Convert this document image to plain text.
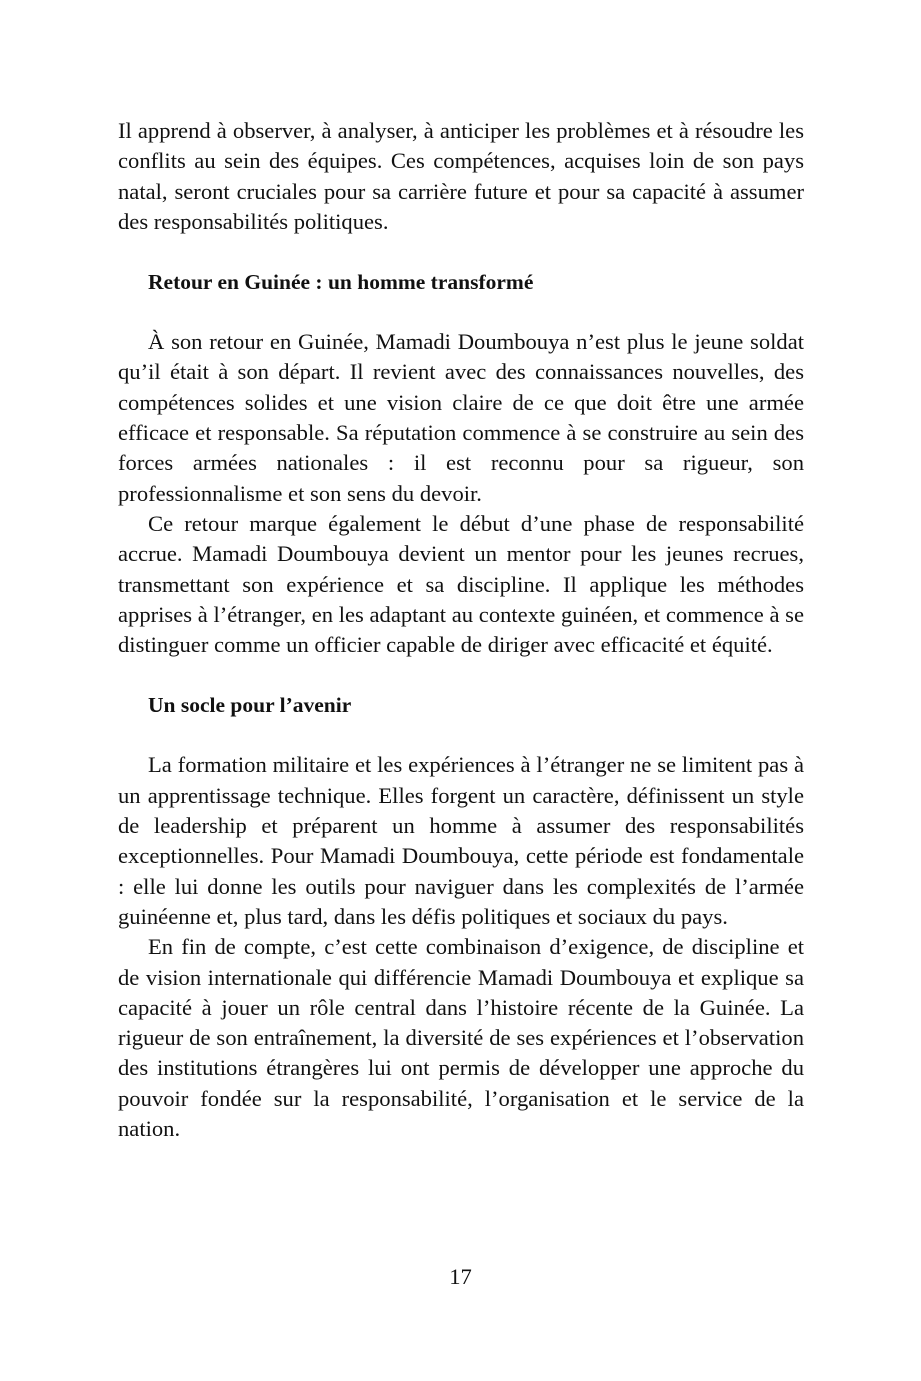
Il apprend à observer, à analyser, à anticiper les problèmes et à résoudre les conflits au sein des équipes. Ces compétences, acquises loin de son pays natal, seront cruciales pour sa carrière future et pour sa capacité à assumer des responsabilités politiques.

Retour en Guinée : un homme transformé

À son retour en Guinée, Mamadi Doumbouya n’est plus le jeune soldat qu’il était à son départ. Il revient avec des connaissances nouvelles, des compétences solides et une vision claire de ce que doit être une armée efficace et responsable. Sa réputation commence à se construire au sein des forces armées nationales : il est reconnu pour sa rigueur, son professionnalisme et son sens du devoir.

Ce retour marque également le début d’une phase de responsabilité accrue. Mamadi Doumbouya devient un mentor pour les jeunes recrues, transmettant son expérience et sa discipline. Il applique les méthodes apprises à l’étranger, en les adaptant au contexte guinéen, et commence à se distinguer comme un officier capable de diriger avec efficacité et équité.

Un socle pour l’avenir

La formation militaire et les expériences à l’étranger ne se limitent pas à un apprentissage technique. Elles forgent un caractère, définissent un style de leadership et préparent un homme à assumer des responsabilités exceptionnelles. Pour Mamadi Doumbouya, cette période est fondamentale : elle lui donne les outils pour naviguer dans les complexités de l’armée guinéenne et, plus tard, dans les défis politiques et sociaux du pays.

En fin de compte, c’est cette combinaison d’exigence, de discipline et de vision internationale qui différencie Mamadi Doumbouya et explique sa capacité à jouer un rôle central dans l’histoire récente de la Guinée. La rigueur de son entraînement, la diversité de ses expériences et l’observation des institutions étrangères lui ont permis de développer une approche du pouvoir fondée sur la responsabilité, l’organisation et le service de la nation.

17
